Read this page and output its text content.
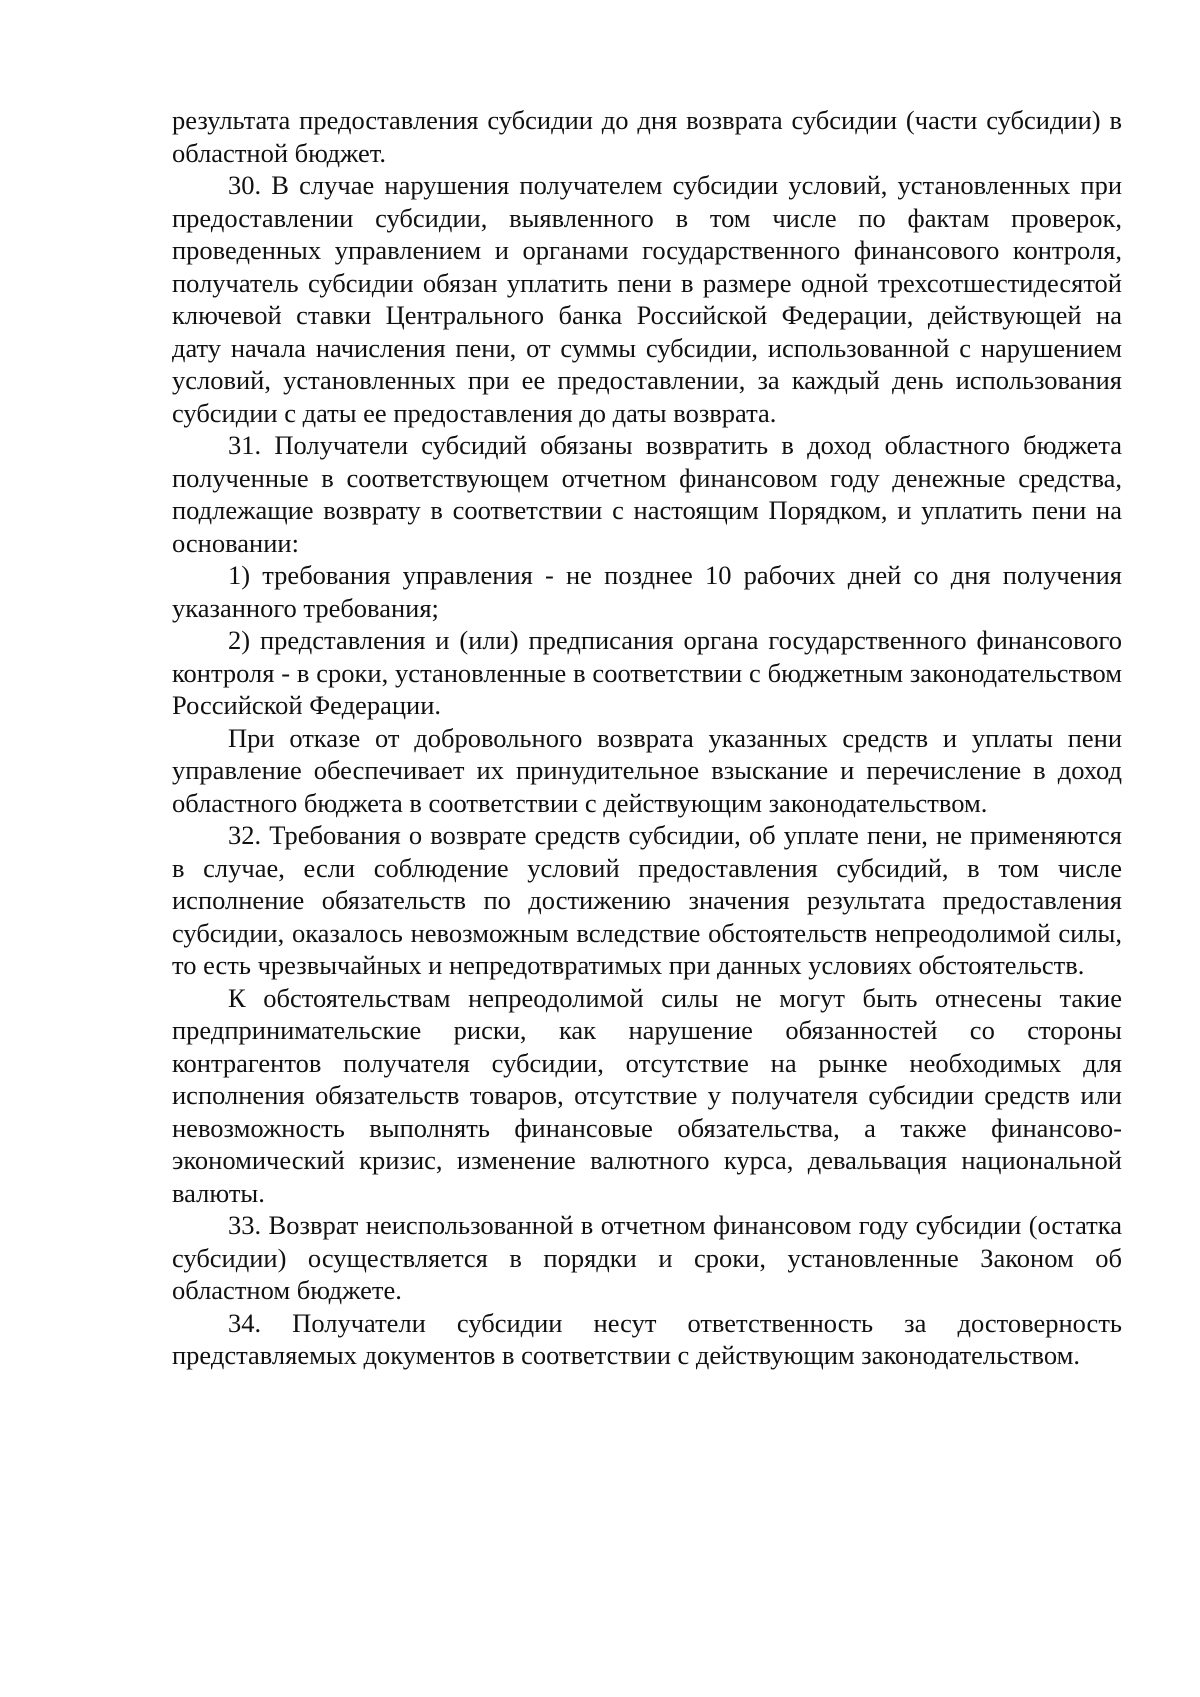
результата предоставления субсидии до дня возврата субсидии (части субсидии) в областной бюджет.

30. В случае нарушения получателем субсидии условий, установленных при предоставлении субсидии, выявленного в том числе по фактам проверок, проведенных управлением и органами государственного финансового контроля, получатель субсидии обязан уплатить пени в размере одной трехсотшестидесятой ключевой ставки Центрального банка Российской Федерации, действующей на дату начала начисления пени, от суммы субсидии, использованной с нарушением условий, установленных при ее предоставлении, за каждый день использования субсидии с даты ее предоставления до даты возврата.

31. Получатели субсидий обязаны возвратить в доход областного бюджета полученные в соответствующем отчетном финансовом году денежные средства, подлежащие возврату в соответствии с настоящим Порядком, и уплатить пени на основании:

1) требования управления - не позднее 10 рабочих дней со дня получения указанного требования;

2) представления и (или) предписания органа государственного финансового контроля - в сроки, установленные в соответствии с бюджетным законодательством Российской Федерации.

При отказе от добровольного возврата указанных средств и уплаты пени управление обеспечивает их принудительное взыскание и перечисление в доход областного бюджета в соответствии с действующим законодательством.

32. Требования о возврате средств субсидии, об уплате пени, не применяются в случае, если соблюдение условий предоставления субсидий, в том числе исполнение обязательств по достижению значения результата предоставления субсидии, оказалось невозможным вследствие обстоятельств непреодолимой силы, то есть чрезвычайных и непредотвратимых при данных условиях обстоятельств.

К обстоятельствам непреодолимой силы не могут быть отнесены такие предпринимательские риски, как нарушение обязанностей со стороны контрагентов получателя субсидии, отсутствие на рынке необходимых для исполнения обязательств товаров, отсутствие у получателя субсидии средств или невозможность выполнять финансовые обязательства, а также финансово-экономический кризис, изменение валютного курса, девальвация национальной валюты.

33. Возврат неиспользованной в отчетном финансовом году субсидии (остатка субсидии) осуществляется в порядки и сроки, установленные Законом об областном бюджете.

34. Получатели субсидии несут ответственность за достоверность представляемых документов в соответствии с действующим законодательством.
